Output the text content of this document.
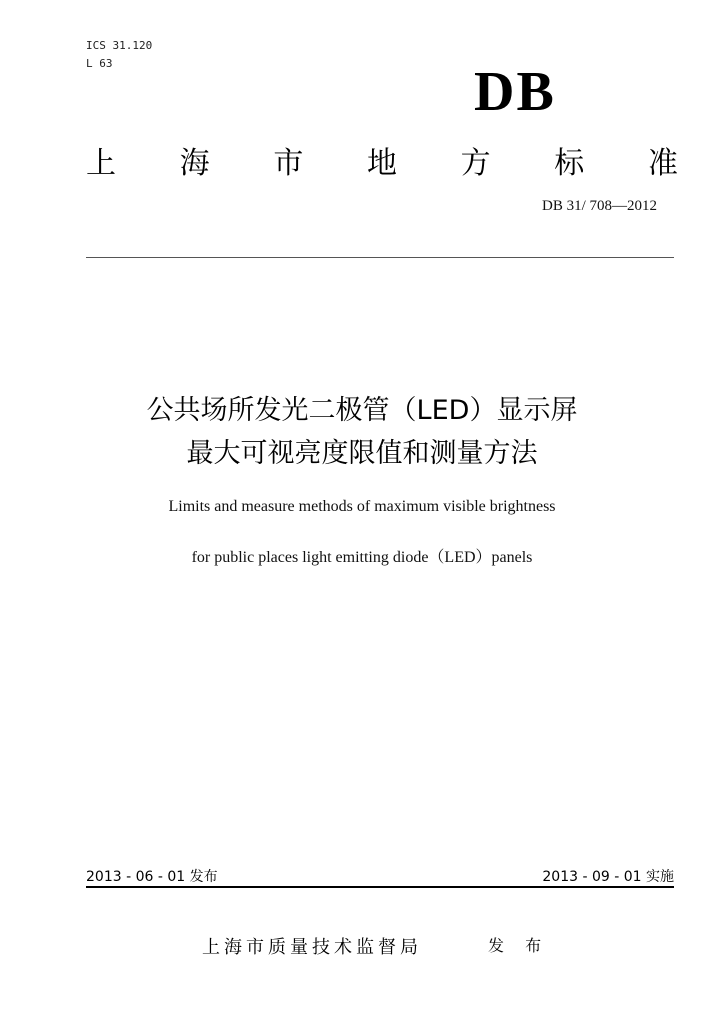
ICS 31.120
L 63	DB
上 海 市 地 方 标 准
DB 31/ 708—2012
公共场所发光二极管（LED）显示屏
最大可视亮度限值和测量方法
Limits and measure methods of maximum visible brightness
for public places light emitting diode（LED）panels
2013 - 06 - 01 发布	2013 - 09 - 01 实施
上海市质量技术监督局	发 布
